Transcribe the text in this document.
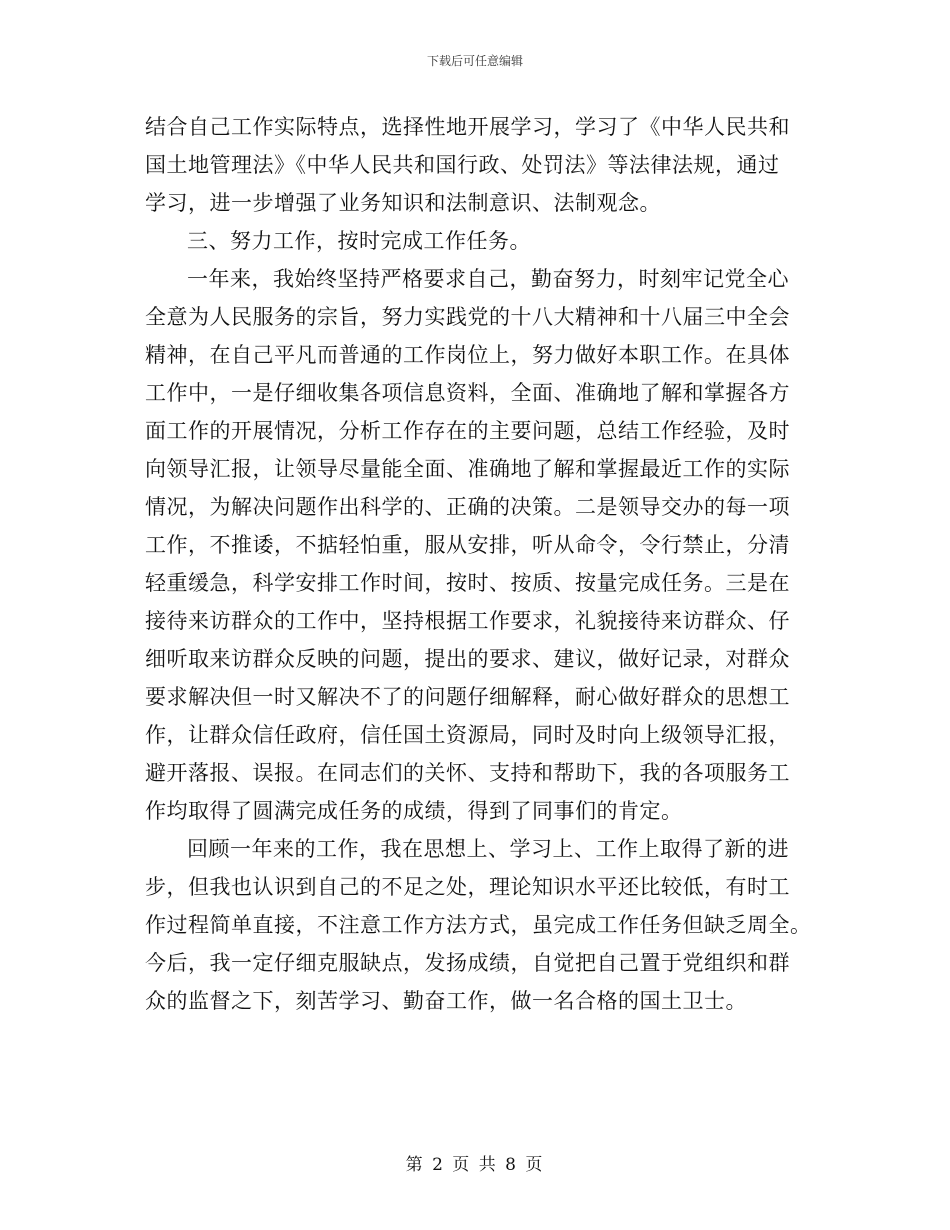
下载后可任意编辑
结合自己工作实际特点，选择性地开展学习，学习了《中华人民共和
国土地管理法》《中华人民共和国行政、处罚法》等法律法规，通过
学习，进一步增强了业务知识和法制意识、法制观念。
三、努力工作，按时完成工作任务。
一年来，我始终坚持严格要求自己，勤奋努力，时刻牢记党全心
全意为人民服务的宗旨，努力实践党的十八大精神和十八届三中全会
精神，在自己平凡而普通的工作岗位上，努力做好本职工作。在具体
工作中，一是仔细收集各项信息资料，全面、准确地了解和掌握各方
面工作的开展情况，分析工作存在的主要问题，总结工作经验，及时
向领导汇报，让领导尽量能全面、准确地了解和掌握最近工作的实际
情况，为解决问题作出科学的、正确的决策。二是领导交办的每一项
工作，不推诿，不掂轻怕重，服从安排，听从命令，令行禁止，分清
轻重缓急，科学安排工作时间，按时、按质、按量完成任务。三是在
接待来访群众的工作中，坚持根据工作要求，礼貌接待来访群众、仔
细听取来访群众反映的问题，提出的要求、建议，做好记录，对群众
要求解决但一时又解决不了的问题仔细解释，耐心做好群众的思想工
作，让群众信任政府，信任国土资源局，同时及时向上级领导汇报，
避开落报、误报。在同志们的关怀、支持和帮助下，我的各项服务工
作均取得了圆满完成任务的成绩，得到了同事们的肯定。
回顾一年来的工作，我在思想上、学习上、工作上取得了新的进
步，但我也认识到自己的不足之处，理论知识水平还比较低，有时工
作过程简单直接，不注意工作方法方式，虽完成工作任务但缺乏周全。
今后，我一定仔细克服缺点，发扬成绩，自觉把自己置于党组织和群
众的监督之下，刻苦学习、勤奋工作，做一名合格的国土卫士。
第 2 页 共 8 页
